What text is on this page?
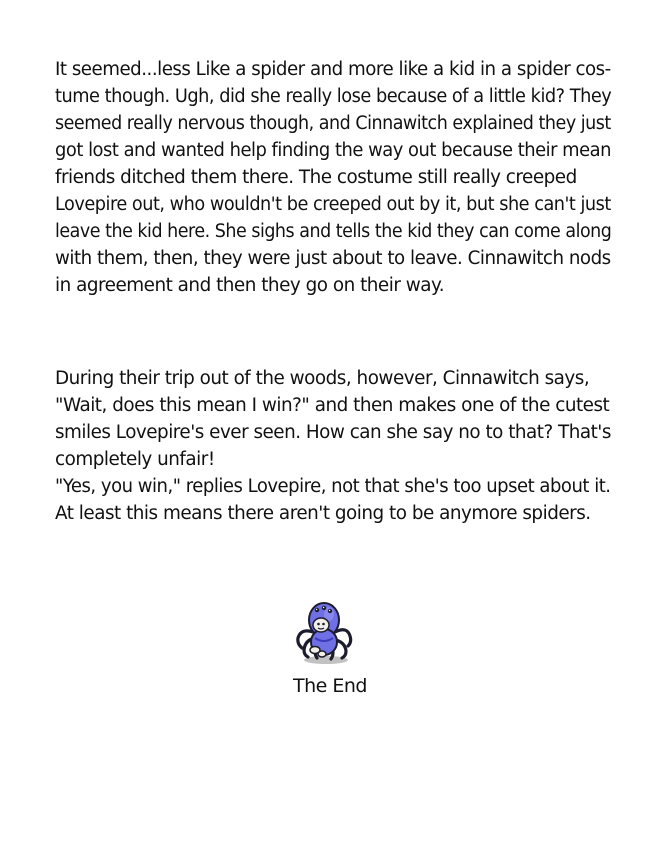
It seemed...less Like a spider and more like a kid in a spider cos-
tume though. Ugh, did she really lose because of a little kid? They
seemed really nervous though, and Cinnawitch explained they just
got lost and wanted help finding the way out because their mean
friends ditched them there. The costume still really creeped
Lovepire out, who wouldn't be creeped out by it, but she can't just
leave the kid here. She sighs and tells the kid they can come along
with them, then, they were just about to leave. Cinnawitch nods
in agreement and then they go on their way.
During their trip out of the woods, however, Cinnawitch says,
"Wait, does this mean I win?" and then makes one of the cutest
smiles Lovepire's ever seen. How can she say no to that? That's
completely unfair!
"Yes, you win," replies Lovepire, not that she's too upset about it.
At least this means there aren't going to be anymore spiders.
The End
